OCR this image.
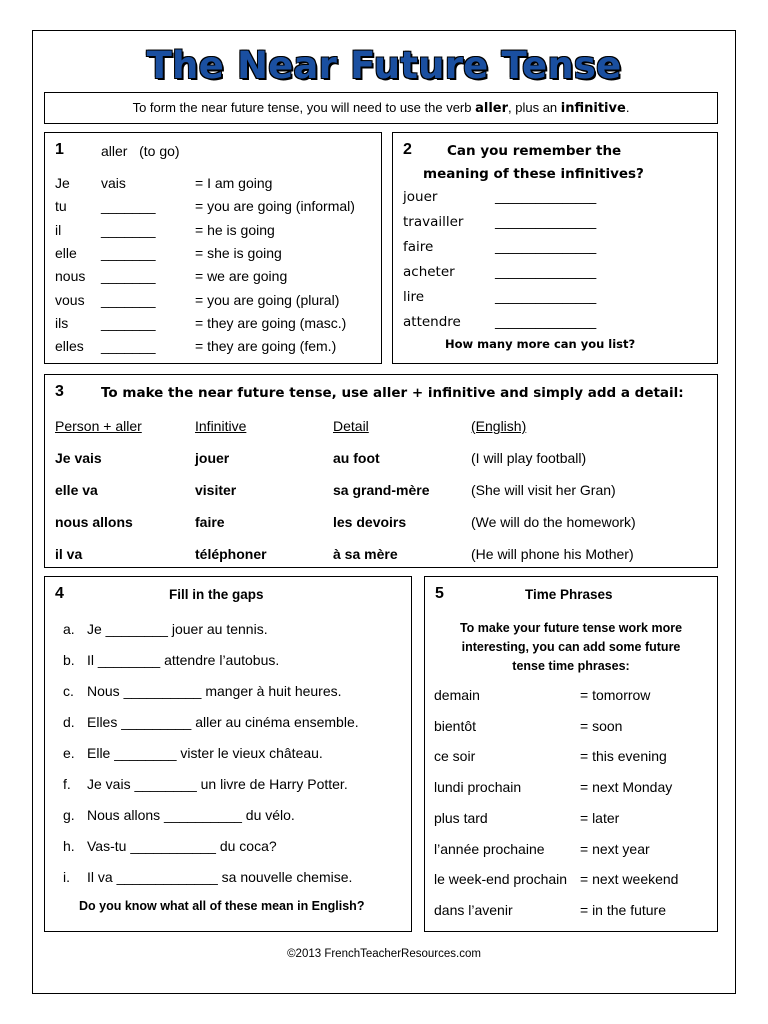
The Near Future Tense
To form the near future tense, you will need to use the verb aller, plus an infinitive.
1	aller   (to go)
Je vais	= I am going
tu _______	= you are going (informal)
il	_______	= he is going
elle _______	= she is going
nous _______	= we are going
vous _______	= you are going (plural)
ils _______	= they are going (masc.)
elles _______	= they are going (fem.)
2	Can you remember the
meaning of these infinitives?
jouer	_______________
travailler _______________
faire	_______________
acheter	_______________
lire	_______________
attendre	_______________
How many more can you list?
3	To make the near future tense, use aller + infinitive and simply add a detail:
Person + aller	Infinitive	Detail	(English)
Je vais	jouer	au foot	(I will play football)
elle va	visiter	sa grand-mère	(She will visit her Gran)
nous allons	faire	les devoirs	(We will do the homework)
il va	téléphoner	à sa mère	(He will phone his Mother)
4	Fill in the gaps
a. Je ________ jouer au tennis.
b. Il ________ attendre l’autobus.
c. Nous __________ manger à huit heures.
d. Elles _________ aller au cinéma ensemble.
e. Elle ________ vister le vieux château.
f. Je vais ________ un livre de Harry Potter.
g. Nous allons __________ du vélo.
h. Vas-tu ___________ du coca?
i. Il va _____________ sa nouvelle chemise.
Do you know what all of these mean in English?
5	Time Phrases
To make your future tense work more
interesting, you can add some future
tense time phrases:
demain	= tomorrow
bientôt	= soon
ce soir	= this evening
lundi prochain	= next Monday
plus tard	= later
l’année prochaine	= next year
le week-end prochain = next weekend
dans l’avenir	= in the future
©2013 FrenchTeacherResources.com
